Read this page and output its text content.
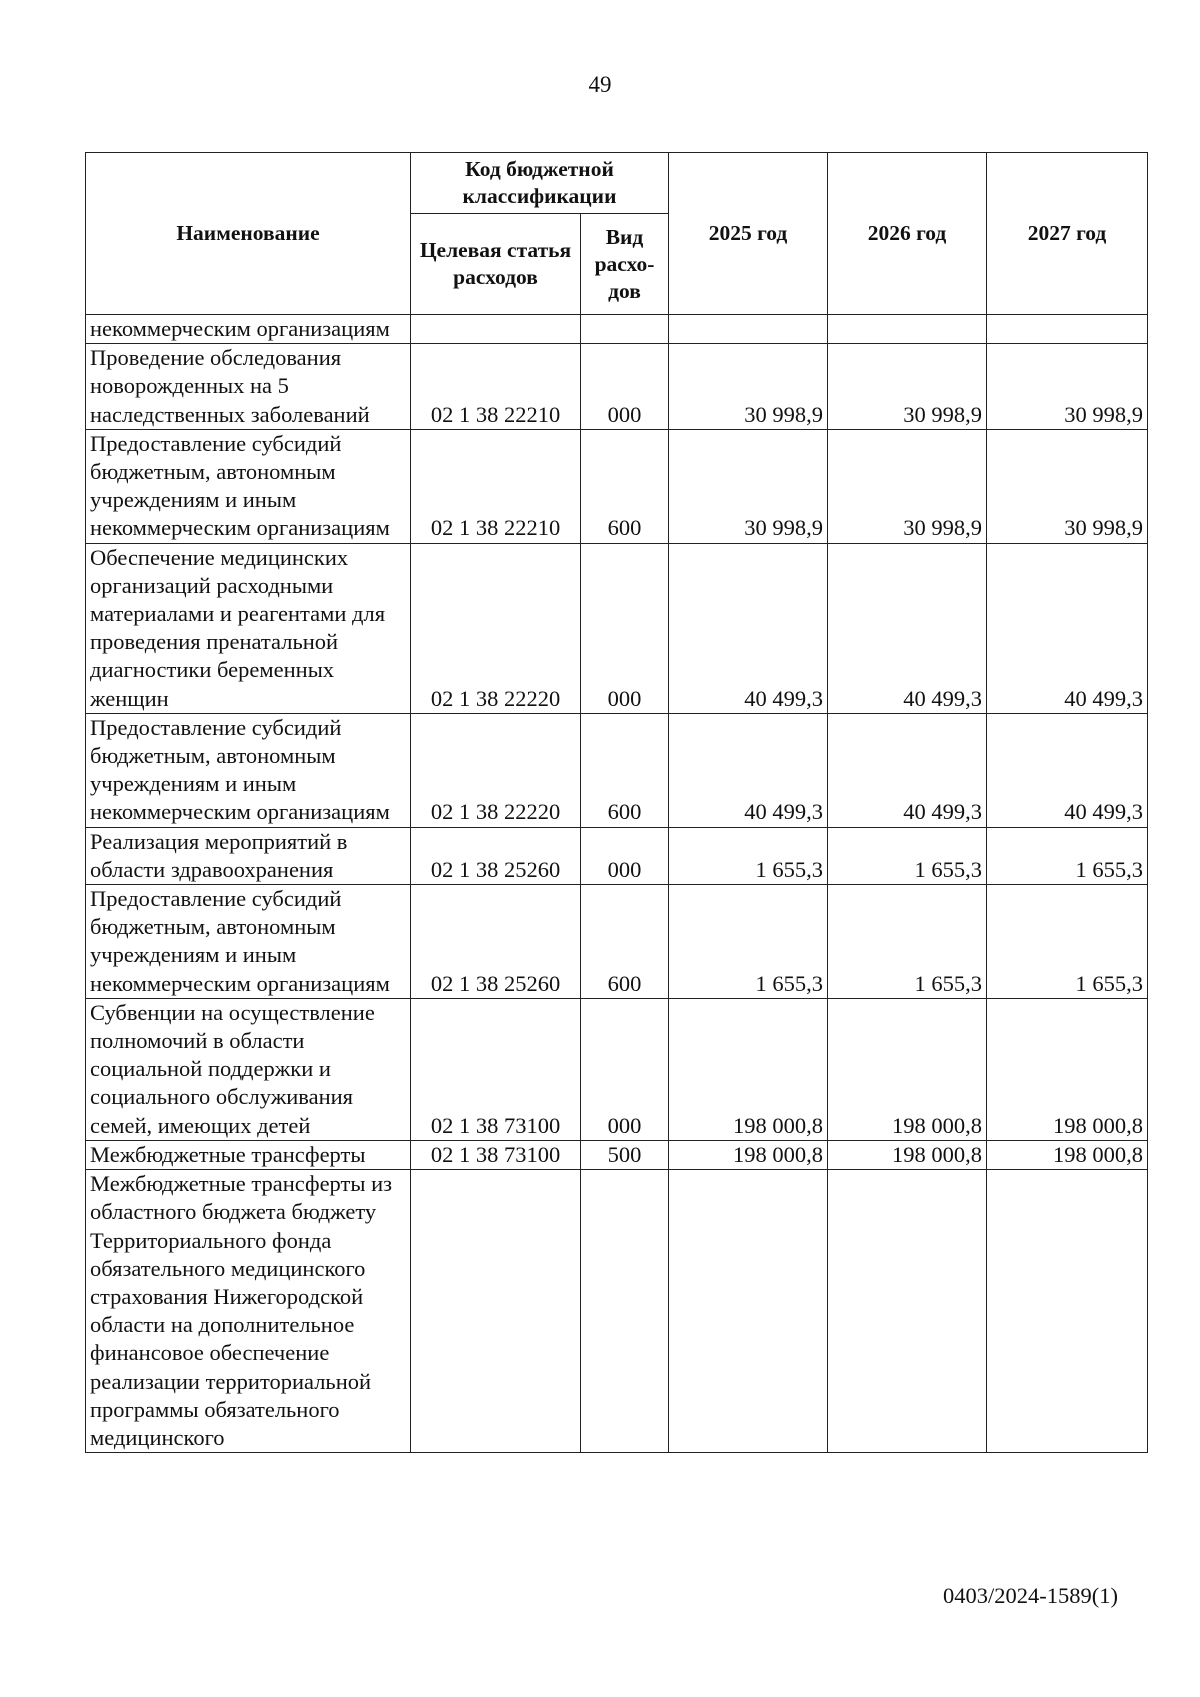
49
Наименование	Код бюджетной классификации		2025 год	2026 год	2027 год
	Целевая статья расходов	Вид расхо-дов			
некоммерческим организациям					
Проведение обследования новорожденных на 5 наследственных заболеваний	02 1 38 22210	000	30 998,9	30 998,9	30 998,9
Предоставление субсидий бюджетным, автономным учреждениям и иным некоммерческим организациям	02 1 38 22210	600	30 998,9	30 998,9	30 998,9
Обеспечение медицинских организаций расходными материалами и реагентами для проведения пренатальной диагностики беременных женщин	02 1 38 22220	000	40 499,3	40 499,3	40 499,3
Предоставление субсидий бюджетным, автономным учреждениям и иным некоммерческим организациям	02 1 38 22220	600	40 499,3	40 499,3	40 499,3
Реализация мероприятий в области здравоохранения	02 1 38 25260	000	1 655,3	1 655,3	1 655,3
Предоставление субсидий бюджетным, автономным учреждениям и иным некоммерческим организациям	02 1 38 25260	600	1 655,3	1 655,3	1 655,3
Субвенции на осуществление полномочий в области социальной поддержки и социального обслуживания семей, имеющих детей	02 1 38 73100	000	198 000,8	198 000,8	198 000,8
Межбюджетные трансферты	02 1 38 73100	500	198 000,8	198 000,8	198 000,8
Межбюджетные трансферты из областного бюджета бюджету Территориального фонда обязательного медицинского страхования Нижегородской области на дополнительное финансовое обеспечение реализации территориальной программы обязательного медицинского					
0403/2024-1589(1)
